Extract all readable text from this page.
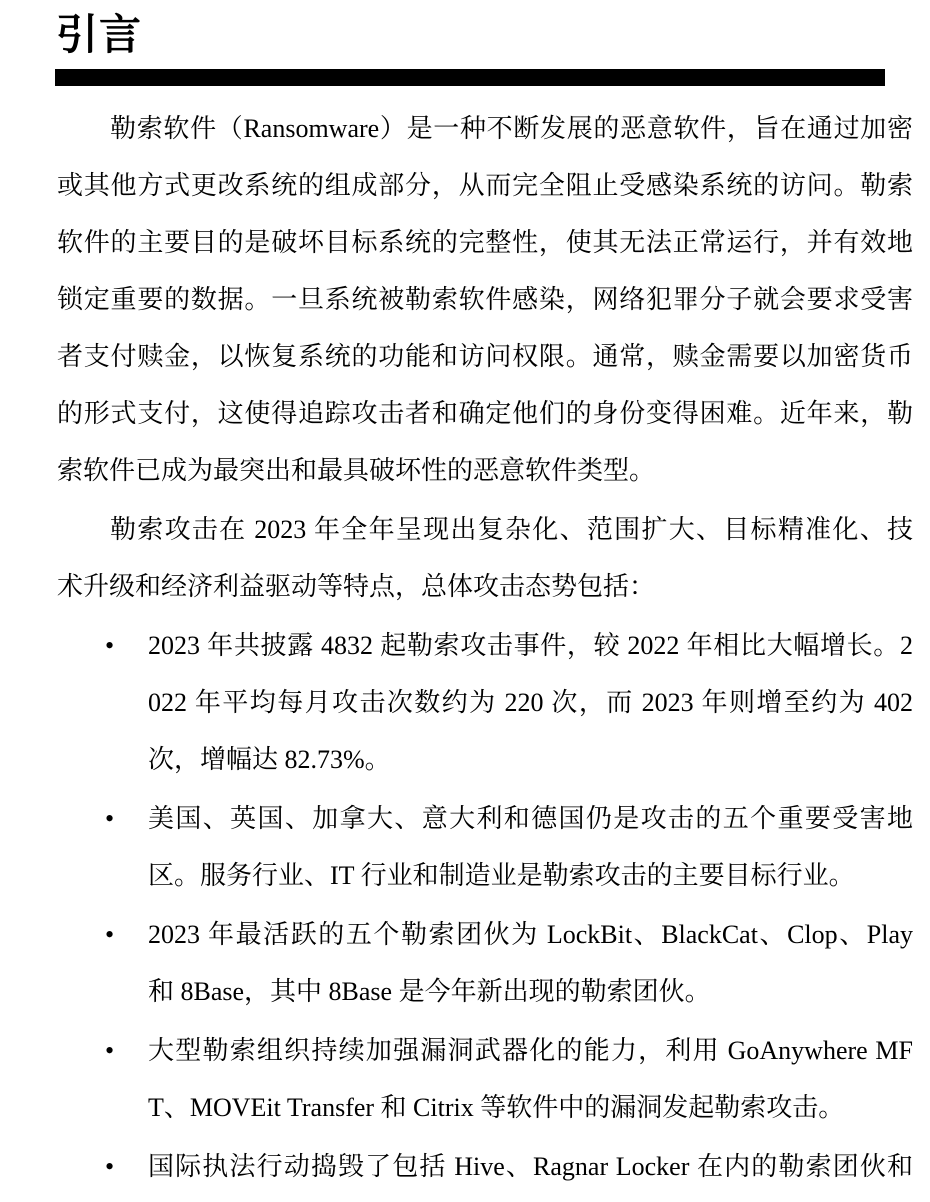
引言
勒索软件（Ransomware）是一种不断发展的恶意软件，旨在通过加密
或其他方式更改系统的组成部分，从而完全阻止受感染系统的访问。勒索
软件的主要目的是破坏目标系统的完整性，使其无法正常运行，并有效地
锁定重要的数据。一旦系统被勒索软件感染，网络犯罪分子就会要求受害
者支付赎金，以恢复系统的功能和访问权限。通常，赎金需要以加密货币
的形式支付，这使得追踪攻击者和确定他们的身份变得困难。近年来，勒
索软件已成为最突出和最具破坏性的恶意软件类型。
勒索攻击在 2023 年全年呈现出复杂化、范围扩大、目标精准化、技
术升级和经济利益驱动等特点，总体攻击态势包括：
• 2023 年共披露 4832 起勒索攻击事件，较 2022 年相比大幅增长。2
022 年平均每月攻击次数约为 220 次，而 2023 年则增至约为 402
次，增幅达 82.73%。
• 美国、英国、加拿大、意大利和德国仍是攻击的五个重要受害地
区。服务行业、IT 行业和制造业是勒索攻击的主要目标行业。
• 2023 年最活跃的五个勒索团伙为 LockBit、BlackCat、Clop、Play
和 8Base，其中 8Base 是今年新出现的勒索团伙。
• 大型勒索组织持续加强漏洞武器化的能力，利用 GoAnywhere MF
T、MOVEit Transfer 和 Citrix 等软件中的漏洞发起勒索攻击。
• 国际执法行动捣毁了包括 Hive、Ragnar Locker 在内的勒索团伙和
